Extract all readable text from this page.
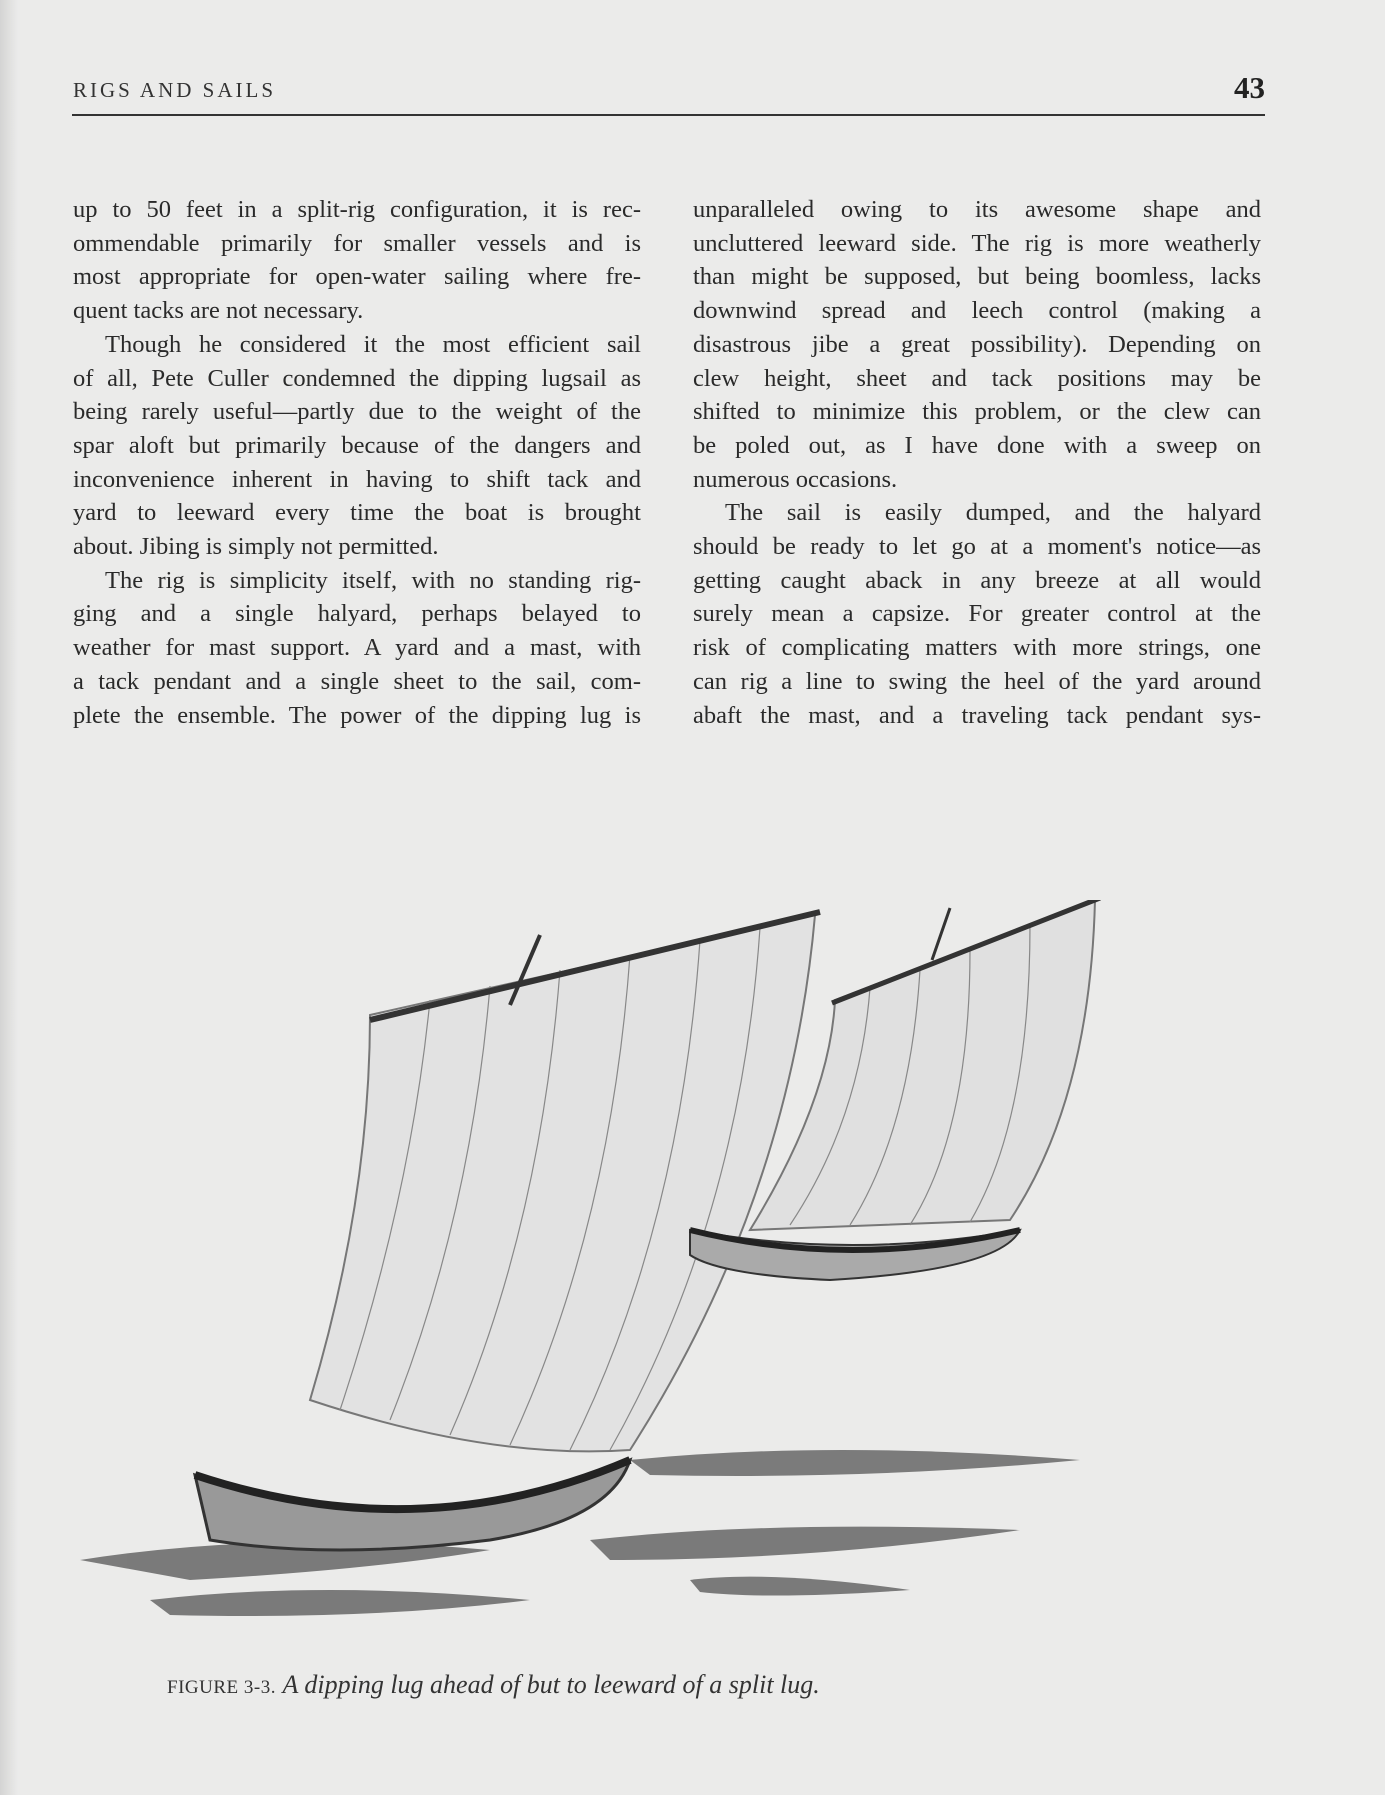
RIGS AND SAILS	43
up to 50 feet in a split-rig configuration, it is rec-
ommendable primarily for smaller vessels and is
most appropriate for open-water sailing where fre-
quent tacks are not necessary.
Though he considered it the most efficient sail
of all, Pete Culler condemned the dipping lugsail as
being rarely useful—partly due to the weight of the
spar aloft but primarily because of the dangers and
inconvenience inherent in having to shift tack and
yard to leeward every time the boat is brought
about. Jibing is simply not permitted.
The rig is simplicity itself, with no standing rig-
ging and a single halyard, perhaps belayed to
weather for mast support. A yard and a mast, with
a tack pendant and a single sheet to the sail, com-
plete the ensemble. The power of the dipping lug is
unparalleled owing to its awesome shape and
uncluttered leeward side. The rig is more weatherly
than might be supposed, but being boomless, lacks
downwind spread and leech control (making a
disastrous jibe a great possibility). Depending on
clew height, sheet and tack positions may be
shifted to minimize this problem, or the clew can
be poled out, as I have done with a sweep on
numerous occasions.
The sail is easily dumped, and the halyard
should be ready to let go at a moment's notice—as
getting caught aback in any breeze at all would
surely mean a capsize. For greater control at the
risk of complicating matters with more strings, one
can rig a line to swing the heel of the yard around
abaft the mast, and a traveling tack pendant sys-
FIGURE 3-3. A dipping lug ahead of but to leeward of a split lug.
